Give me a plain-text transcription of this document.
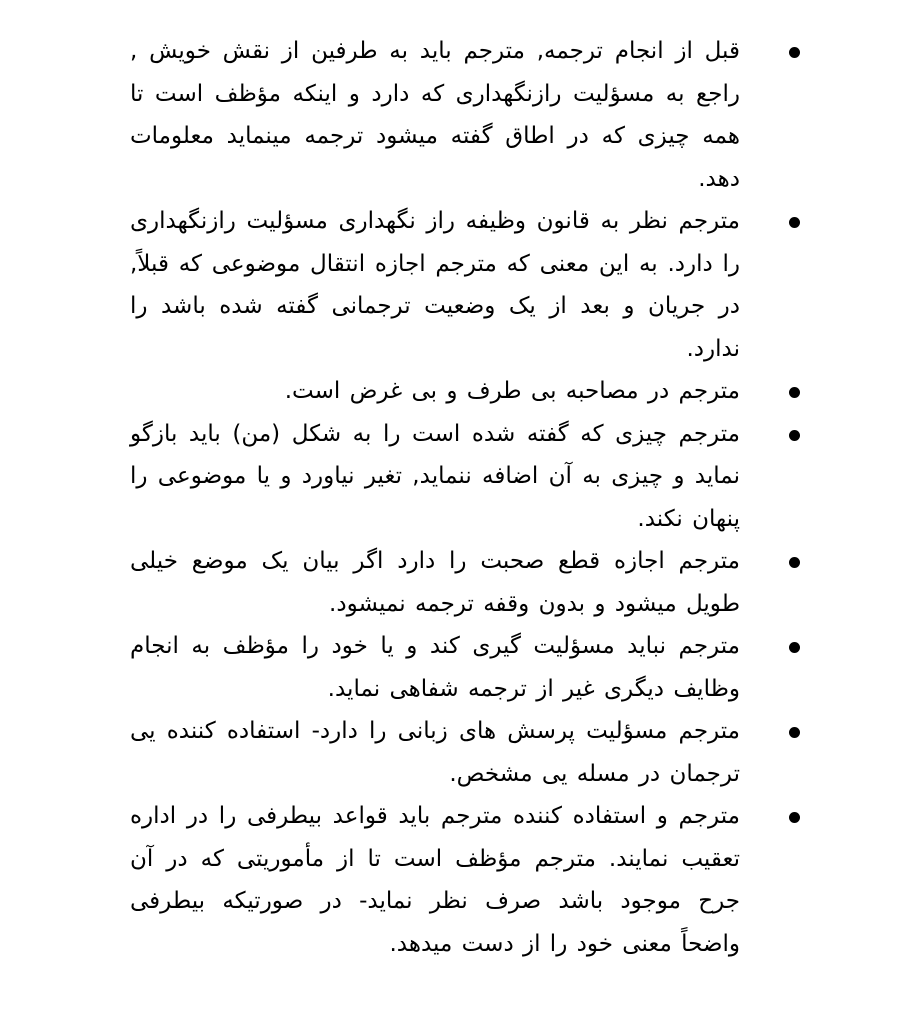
قبل از انجام ترجمه, مترجم باید به طرفین از نقش خویش , راجع به مسؤلیت رازنگهداری که دارد و اینکه مؤظف است تا همه چیزی که در اطاق گفته میشود ترجمه مینماید معلومات دهد.
مترجم نظر به قانون وظیفه راز نگهداری مسؤلیت رازنگهداری را دارد. به این معنی که مترجم اجازه انتقال موضوعی که قبلاً, در جریان و بعد از یک وضعیت ترجمانی گفته شده باشد را ندارد.
مترجم در مصاحبه بی طرف و بی غرض است.
مترجم چیزی که گفته شده است را به شکل (من) باید بازگو نماید و چیزی به آن اضافه ننماید, تغیر نیاورد و یا موضوعی را پنهان نکند.
مترجم اجازه قطع صحبت را دارد اگر بیان یک موضع خیلی طویل میشود و بدون وقفه ترجمه نمیشود.
مترجم نباید مسؤلیت گیری کند و یا خود را مؤظف به انجام وظایف دیگری غیر از ترجمه شفاهی نماید.
مترجم مسؤلیت پرسش های زبانی را دارد- استفاده کننده یی ترجمان در مسله یی مشخص.
مترجم و استفاده کننده مترجم باید قواعد بیطرفی را در اداره تعقیب نمایند. مترجم مؤظف است تا از مأموریتی که در آن جرح موجود باشد صرف نظر نماید- در صورتیکه بیطرفی واضحاً معنی خود را از دست میدهد.
